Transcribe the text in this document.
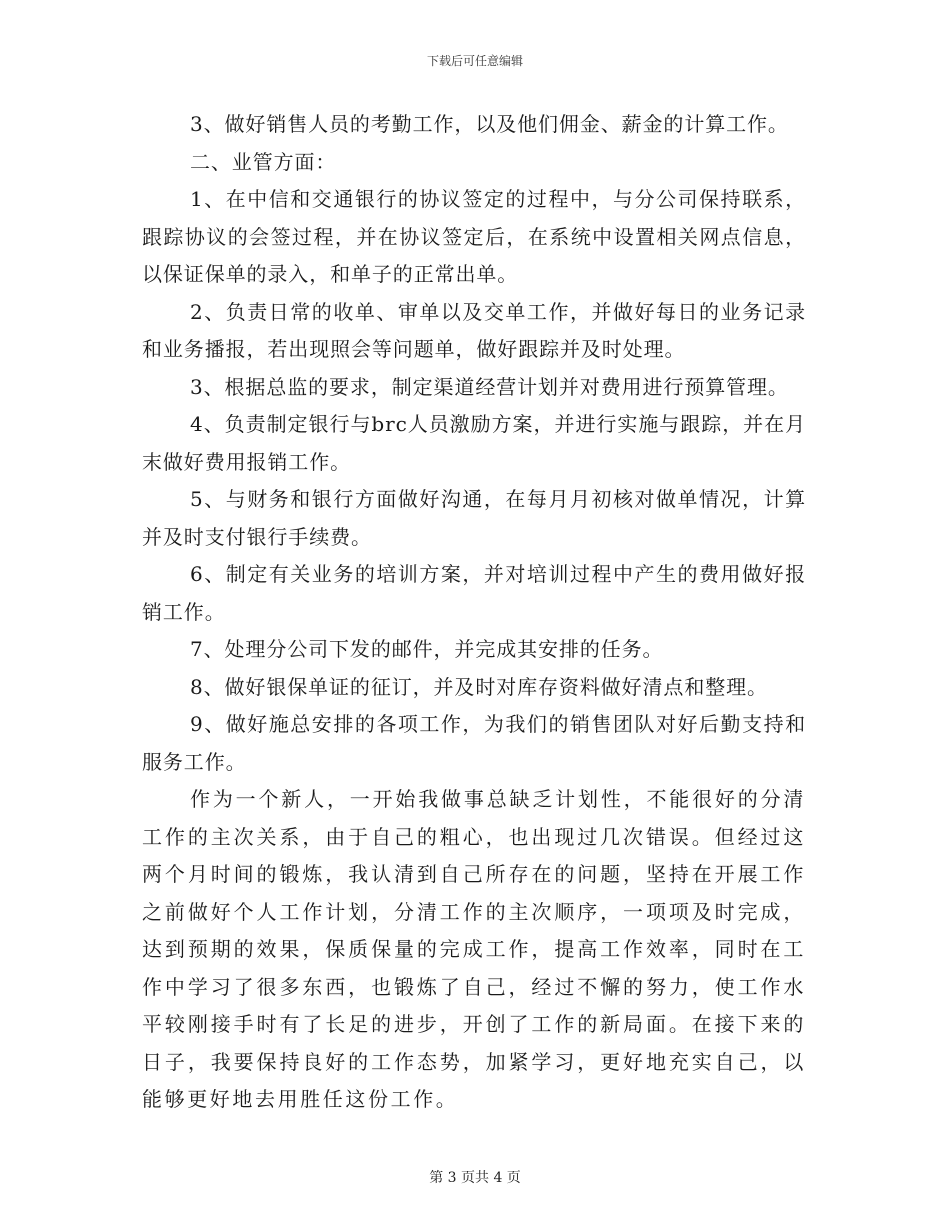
下载后可任意编辑

3、做好销售人员的考勤工作，以及他们佣金、薪金的计算工作。

二、业管方面：

1、在中信和交通银行的协议签定的过程中，与分公司保持联系，跟踪协议的会签过程，并在协议签定后，在系统中设置相关网点信息，以保证保单的录入，和单子的正常出单。

2、负责日常的收单、审单以及交单工作，并做好每日的业务记录和业务播报，若出现照会等问题单，做好跟踪并及时处理。

3、根据总监的要求，制定渠道经营计划并对费用进行预算管理。

4、负责制定银行与brc人员激励方案，并进行实施与跟踪，并在月末做好费用报销工作。

5、与财务和银行方面做好沟通，在每月月初核对做单情况，计算并及时支付银行手续费。

6、制定有关业务的培训方案，并对培训过程中产生的费用做好报销工作。

7、处理分公司下发的邮件，并完成其安排的任务。

8、做好银保单证的征订，并及时对库存资料做好清点和整理。

9、做好施总安排的各项工作，为我们的销售团队对好后勤支持和服务工作。

作为一个新人，一开始我做事总缺乏计划性，不能很好的分清工作的主次关系，由于自己的粗心，也出现过几次错误。但经过这两个月时间的锻炼，我认清到自己所存在的问题，坚持在开展工作之前做好个人工作计划，分清工作的主次顺序，一项项及时完成，达到预期的效果，保质保量的完成工作，提高工作效率，同时在工作中学习了很多东西，也锻炼了自己，经过不懈的努力，使工作水平较刚接手时有了长足的进步，开创了工作的新局面。在接下来的日子，我要保持良好的工作态势，加紧学习，更好地充实自己，以能够更好地去用胜任这份工作。

第 3 页共 4 页
